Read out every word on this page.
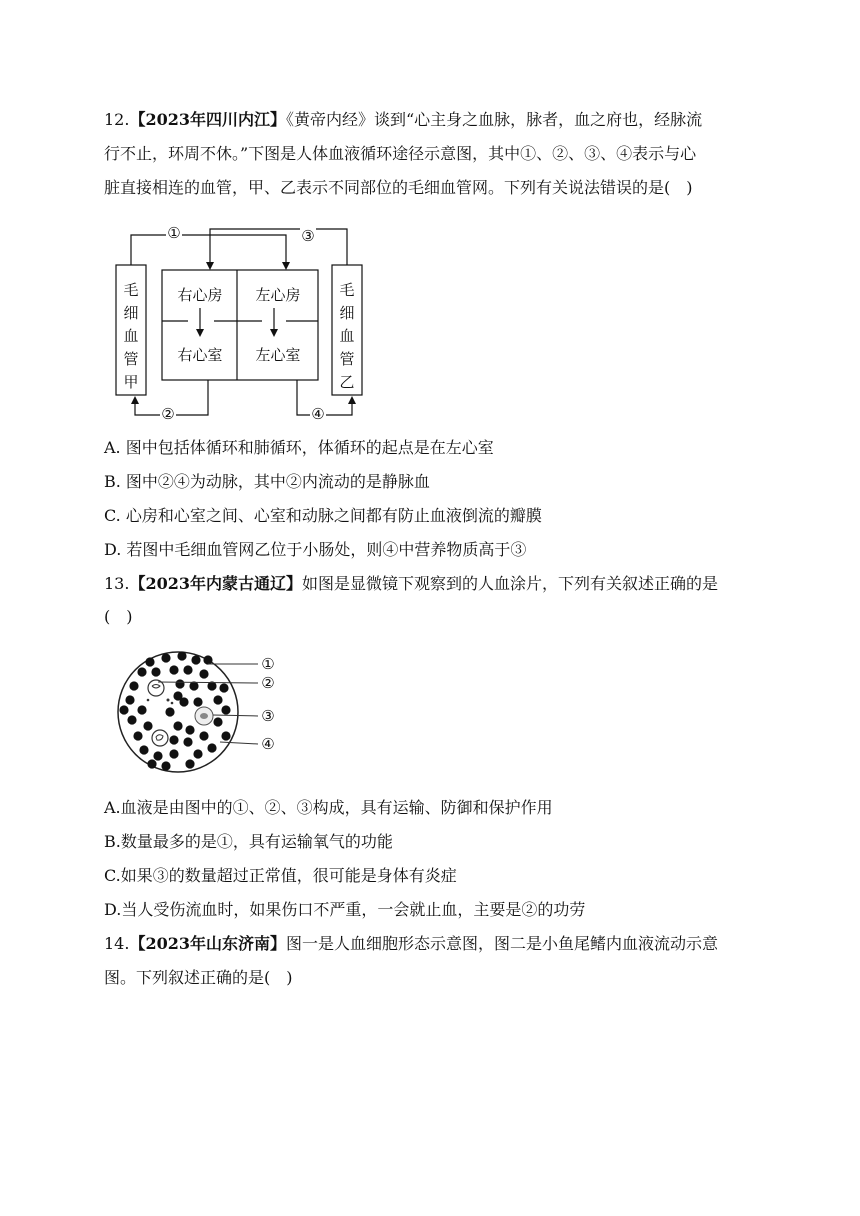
12.【2023年四川内江】《黄帝内经》谈到“心主身之血脉，脉者，血之府也，经脉流
行不止，环周不休。”下图是人体血液循环途径示意图，其中①、②、③、④表示与心
脏直接相连的血管，甲、乙表示不同部位的毛细血管网。下列有关说法错误的是(　)
①	③
②	④
右心房
右心室
左心房
左心室
毛
细
血
管
甲
毛
细
血
管
乙
A. 图中包括体循环和肺循环，体循环的起点是在左心室
B. 图中②④为动脉，其中②内流动的是静脉血
C. 心房和心室之间、心室和动脉之间都有防止血液倒流的瓣膜
D. 若图中毛细血管网乙位于小肠处，则④中营养物质高于③
13.【2023年内蒙古通辽】如图是显微镜下观察到的人血涂片，下列有关叙述正确的是
(　)
①
②
③
④
A.血液是由图中的①、②、③构成，具有运输、防御和保护作用
B.数量最多的是①，具有运输氧气的功能
C.如果③的数量超过正常值，很可能是身体有炎症
D.当人受伤流血时，如果伤口不严重，一会就止血，主要是②的功劳
14.【2023年山东济南】图一是人血细胞形态示意图，图二是小鱼尾鳍内血液流动示意
图。下列叙述正确的是(　)
